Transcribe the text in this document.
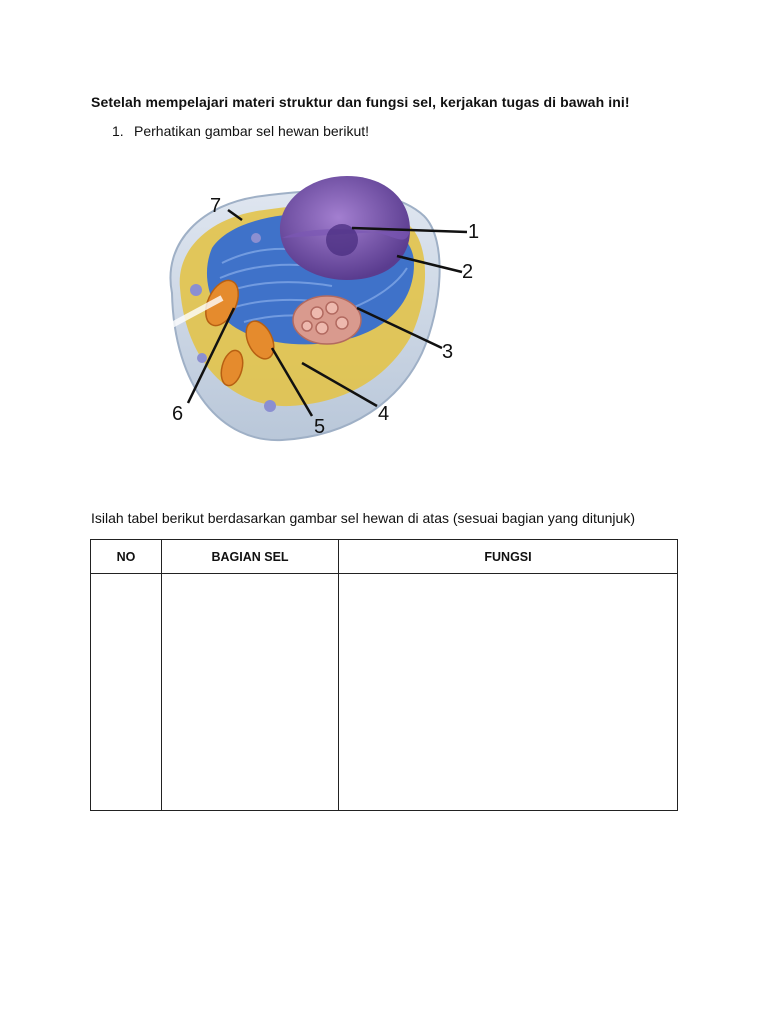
Setelah mempelajari materi struktur dan fungsi sel, kerjakan tugas di bawah ini!
1. Perhatikan gambar sel hewan berikut!
1
2
3
4
5
6
7
Isilah tabel berikut berdasarkan gambar sel hewan di atas (sesuai bagian yang ditunjuk)
NO	BAGIAN SEL	FUNGSI
